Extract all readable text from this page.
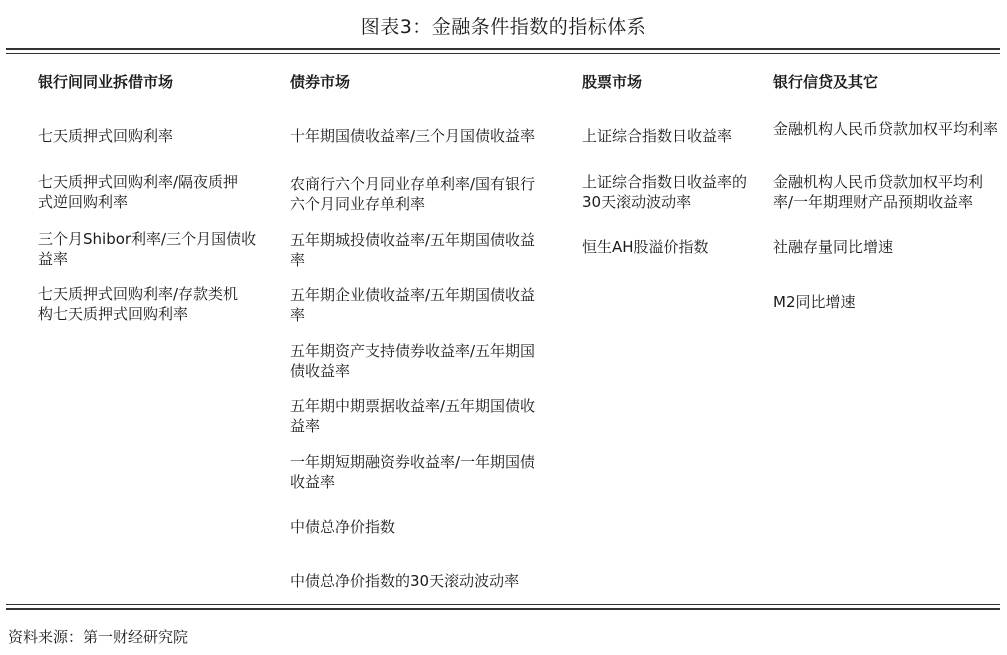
图表3：金融条件指数的指标体系
银行间同业拆借市场
七天质押式回购利率
七天质押式回购利率/隔夜质押式逆回购利率
三个月Shibor利率/三个月国债收益率
七天质押式回购利率/存款类机构七天质押式回购利率
债券市场
十年期国债收益率/三个月国债收益率
农商行六个月同业存单利率/国有银行六个月同业存单利率
五年期城投债收益率/五年期国债收益率
五年期企业债收益率/五年期国债收益率
五年期资产支持债券收益率/五年期国债收益率
五年期中期票据收益率/五年期国债收益率
一年期短期融资券收益率/一年期国债收益率
中债总净价指数
中债总净价指数的30天滚动波动率
股票市场
上证综合指数日收益率
上证综合指数日收益率的30天滚动波动率
恒生AH股溢价指数
银行信贷及其它
金融机构人民币贷款加权平均利率
金融机构人民币贷款加权平均利率/一年期理财产品预期收益率
社融存量同比增速
M2同比增速
资料来源：第一财经研究院
